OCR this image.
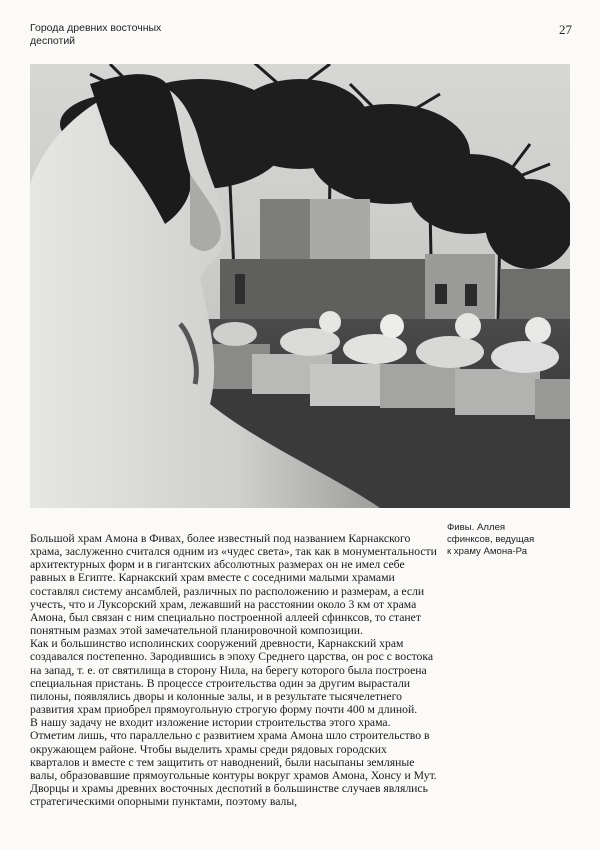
Города древних восточных
деспотий
27
Фивы. Аллея
сфинксов, ведущая
к храму Амона-Ра

Большой храм Амона в Фивах, более известный под названием Карнакского храма, заслуженно считался одним из «чудес света», так как в монументальности архитектурных форм и в гигантских абсолютных размерах он не имел себе равных в Египте. Карнакский храм вместе с соседними малыми храмами составлял систему ансамблей, различных по расположению и размерам, а если учесть, что и Луксорский храм, лежавший на расстоянии около 3 км от храма Амона, был связан с ним специально построенной аллеей сфинксов, то станет понятным размах этой замечательной планировочной композиции.

Как и большинство исполинских сооружений древности, Карнакский храм создавался постепенно. Зародившись в эпоху Среднего царства, он рос с востока на запад, т. е. от святилища в сторону Нила, на берегу которого была построена специальная пристань. В процессе строительства один за другим вырастали пилоны, появлялись дворы и колонные залы, и в результате тысячелетнего развития храм приобрел прямоугольную строгую форму почти 400 м длиной.

В нашу задачу не входит изложение истории строительства этого храма. Отметим лишь, что параллельно с развитием храма Амона шло строительство в окружающем районе. Чтобы выделить храмы среди рядовых городских кварталов и вместе с тем защитить от наводнений, были насыпаны земляные валы, образовавшие прямоугольные контуры вокруг храмов Амона, Хонсу и Мут. Дворцы и храмы древних восточных деспотий в большинстве случаев являлись стратегическими опорными пунктами, поэтому валы,
